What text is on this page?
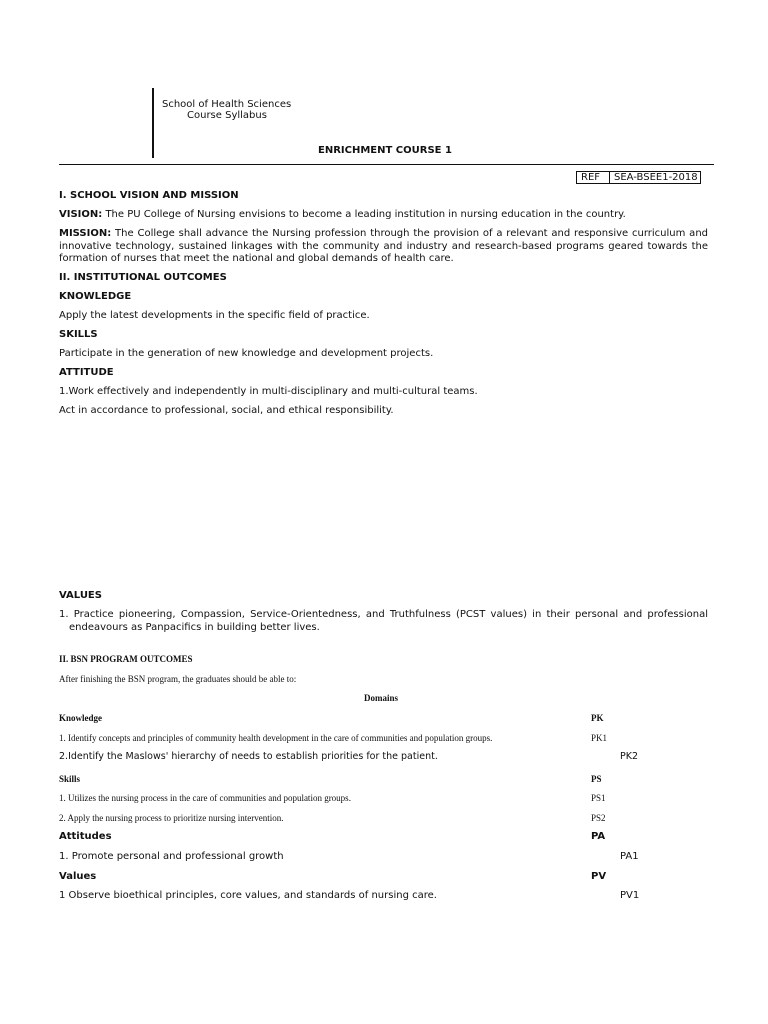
School of Health Sciences
Course Syllabus
ENRICHMENT COURSE 1
REF	SEA-BSEE1-2018
I. SCHOOL VISION AND MISSION
VISION: The PU College of Nursing envisions to become a leading institution in nursing education in the country.
MISSION: The College shall advance the Nursing profession through the provision of a relevant and responsive curriculum and innovative technology, sustained linkages with the community and industry and research-based programs geared towards the formation of nurses that meet the national and global demands of health care.
II. INSTITUTIONAL OUTCOMES
KNOWLEDGE
Apply the latest developments in the specific field of practice.
SKILLS
Participate in the generation of new knowledge and development projects.
ATTITUDE
1.Work effectively and independently in multi-disciplinary and multi-cultural teams.
Act in accordance to professional, social, and ethical responsibility.
VALUES
1. Practice pioneering, Compassion, Service-Orientedness, and Truthfulness (PCST values) in their personal and professional endeavours as Panpacifics in building better lives.
II. BSN PROGRAM OUTCOMES
After finishing the BSN program, the graduates should be able to:
Domains
Knowledge	PK
1. Identify concepts and principles of community health development in the care of communities and population groups.	PK1
2.Identify the Maslows' hierarchy of needs to establish priorities for the patient.	PK2
Skills	PS
1. Utilizes the nursing process in the care of communities and population groups.	PS1
2. Apply the nursing process to prioritize nursing intervention.	PS2
Attitudes	PA
1. Promote personal and professional growth	PA1
Values	PV
1 Observe bioethical principles, core values, and standards of nursing care.	PV1
